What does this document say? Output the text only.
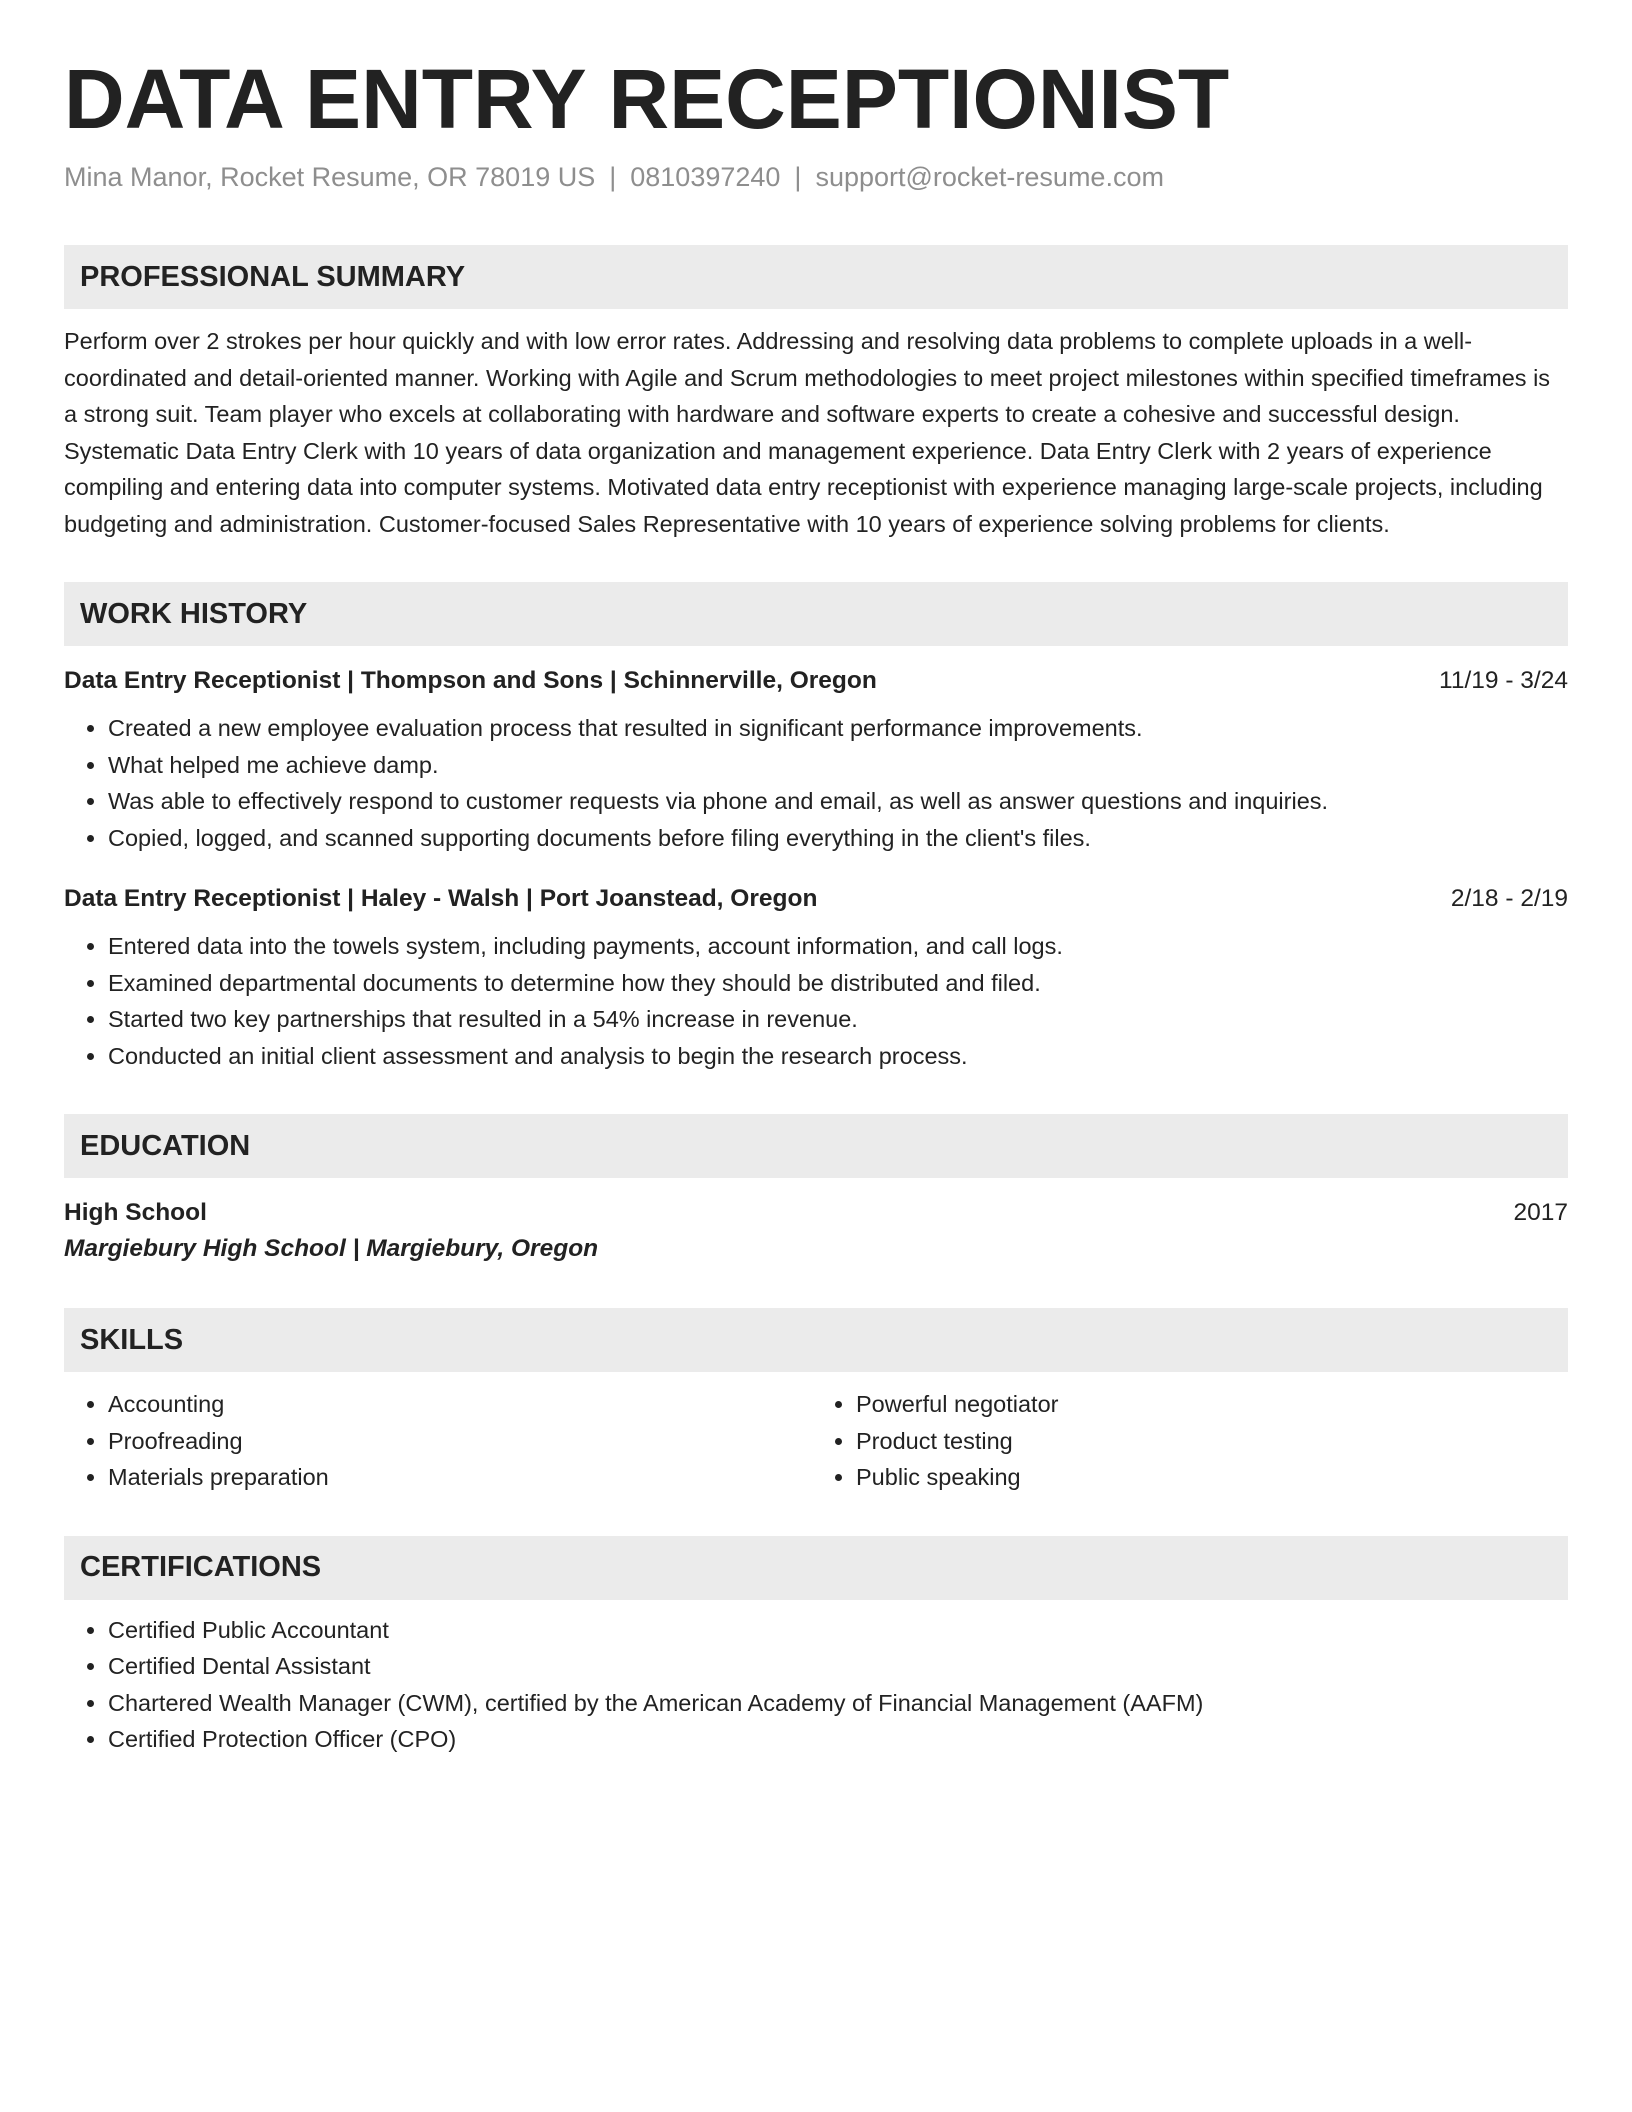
DATA ENTRY RECEPTIONIST
Mina Manor, Rocket Resume, OR 78019 US | 0810397240 | support@rocket-resume.com
PROFESSIONAL SUMMARY
Perform over 2 strokes per hour quickly and with low error rates. Addressing and resolving data problems to complete uploads in a well-coordinated and detail-oriented manner. Working with Agile and Scrum methodologies to meet project milestones within specified timeframes is a strong suit. Team player who excels at collaborating with hardware and software experts to create a cohesive and successful design. Systematic Data Entry Clerk with 10 years of data organization and management experience. Data Entry Clerk with 2 years of experience compiling and entering data into computer systems. Motivated data entry receptionist with experience managing large-scale projects, including budgeting and administration. Customer-focused Sales Representative with 10 years of experience solving problems for clients.
WORK HISTORY
Data Entry Receptionist | Thompson and Sons | Schinnerville, Oregon	11/19 - 3/24
• Created a new employee evaluation process that resulted in significant performance improvements.
• What helped me achieve damp.
• Was able to effectively respond to customer requests via phone and email, as well as answer questions and inquiries.
• Copied, logged, and scanned supporting documents before filing everything in the client's files.
Data Entry Receptionist | Haley - Walsh | Port Joanstead, Oregon	2/18 - 2/19
• Entered data into the towels system, including payments, account information, and call logs.
• Examined departmental documents to determine how they should be distributed and filed.
• Started two key partnerships that resulted in a 54% increase in revenue.
• Conducted an initial client assessment and analysis to begin the research process.
EDUCATION
High School	2017
Margiebury High School | Margiebury, Oregon
SKILLS
• Accounting
• Proofreading
• Materials preparation
• Powerful negotiator
• Product testing
• Public speaking
CERTIFICATIONS
• Certified Public Accountant
• Certified Dental Assistant
• Chartered Wealth Manager (CWM), certified by the American Academy of Financial Management (AAFM)
• Certified Protection Officer (CPO)
